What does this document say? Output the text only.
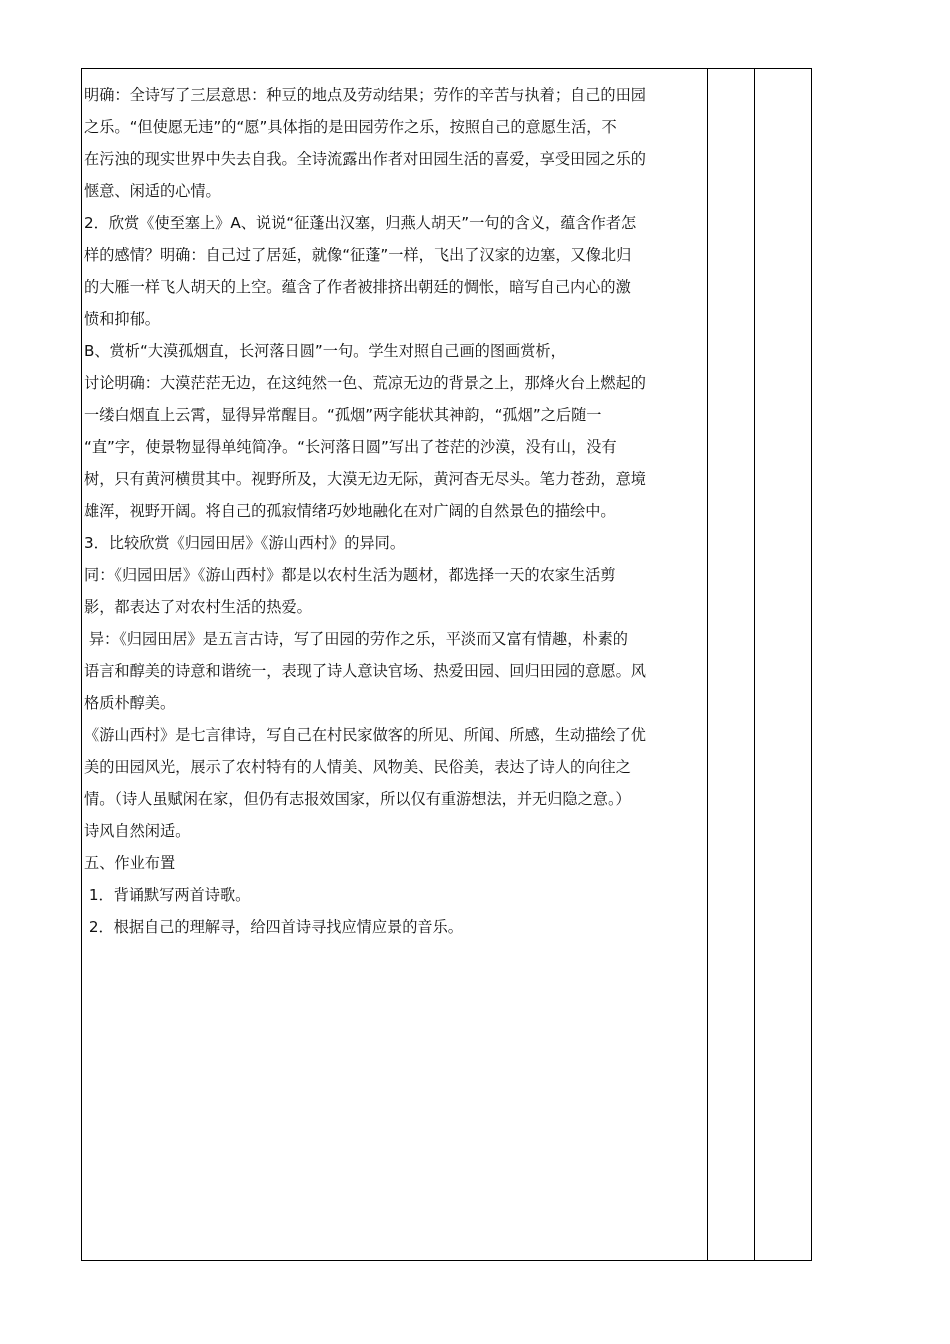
明确：全诗写了三层意思：种豆的地点及劳动结果；劳作的辛苦与执着；自己的田园

之乐。“但使愿无违”的“愿”具体指的是田园劳作之乐，按照自己的意愿生活，不

在污浊的现实世界中失去自我。全诗流露出作者对田园生活的喜爱，享受田园之乐的

惬意、闲适的心情。

2．欣赏《使至塞上》A、说说“征蓬出汉塞，归燕人胡天”一句的含义，蕴含作者怎

样的感情？明确：自己过了居延，就像“征蓬”一样，飞出了汉家的边塞，又像北归

的大雁一样飞人胡天的上空。蕴含了作者被排挤出朝廷的惆怅，暗写自己内心的激

愤和抑郁。

B、赏析“大漠孤烟直，长河落日圆”一句。学生对照自己画的图画赏析，

讨论明确：大漠茫茫无边，在这纯然一色、荒凉无边的背景之上，那烽火台上燃起的

一缕白烟直上云霄，显得异常醒目。“孤烟”两字能状其神韵，“孤烟”之后随一

“直”字，使景物显得单纯简净。“长河落日圆”写出了苍茫的沙漠，没有山，没有

树，只有黄河横贯其中。视野所及，大漠无边无际，黄河杳无尽头。笔力苍劲，意境

雄浑，视野开阔。将自己的孤寂情绪巧妙地融化在对广阔的自然景色的描绘中。

3．比较欣赏《归园田居》《游山西村》的异同。

同：《归园田居》《游山西村》都是以农村生活为题材，都选择一天的农家生活剪

影，都表达了对农村生活的热爱。

异：《归园田居》是五言古诗，写了田园的劳作之乐，平淡而又富有情趣，朴素的

语言和醇美的诗意和谐统一，表现了诗人意诀官场、热爱田园、回归田园的意愿。风

格质朴醇美。

《游山西村》是七言律诗，写自己在村民家做客的所见、所闻、所感，生动描绘了优

美的田园风光，展示了农村特有的人情美、风物美、民俗美，表达了诗人的向往之

情。（诗人虽赋闲在家，但仍有志报效国家，所以仅有重游想法，并无归隐之意。）

诗风自然闲适。

五、作业布置

1．背诵默写两首诗歌。

2．根据自己的理解寻，给四首诗寻找应情应景的音乐。
